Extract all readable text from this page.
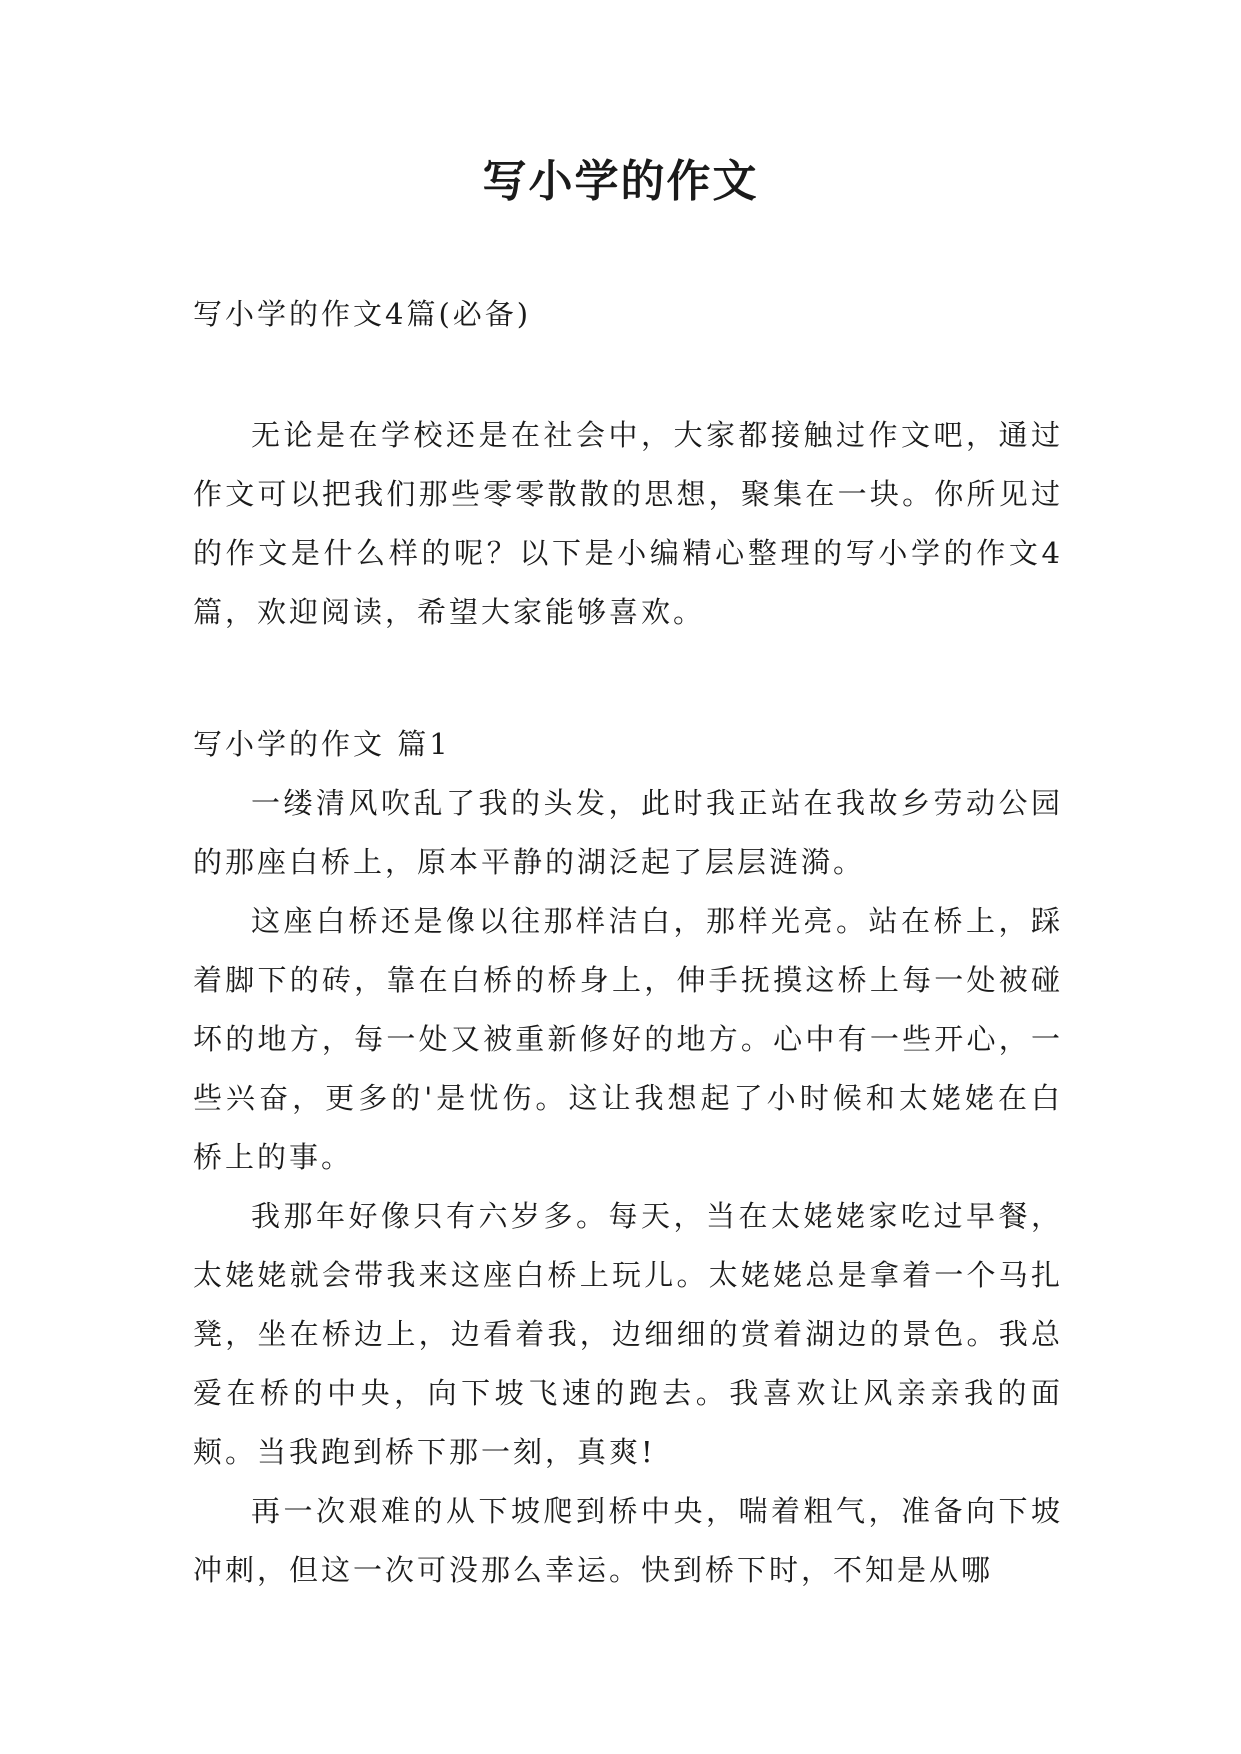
写小学的作文

写小学的作文4篇(必备)

无论是在学校还是在社会中，大家都接触过作文吧，通过作文可以把我们那些零零散散的思想，聚集在一块。你所见过的作文是什么样的呢？以下是小编精心整理的写小学的作文4篇，欢迎阅读，希望大家能够喜欢。

写小学的作文 篇1

一缕清风吹乱了我的头发，此时我正站在我故乡劳动公园的那座白桥上，原本平静的湖泛起了层层涟漪。

这座白桥还是像以往那样洁白，那样光亮。站在桥上，踩着脚下的砖，靠在白桥的桥身上，伸手抚摸这桥上每一处被碰坏的地方，每一处又被重新修好的地方。心中有一些开心，一些兴奋，更多的'是忧伤。这让我想起了小时候和太姥姥在白桥上的事。

我那年好像只有六岁多。每天，当在太姥姥家吃过早餐，太姥姥就会带我来这座白桥上玩儿。太姥姥总是拿着一个马扎凳，坐在桥边上，边看着我，边细细的赏着湖边的景色。我总爱在桥的中央，向下坡飞速的跑去。我喜欢让风亲亲我的面颊。当我跑到桥下那一刻，真爽!

再一次艰难的从下坡爬到桥中央，喘着粗气，准备向下坡冲刺，但这一次可没那么幸运。快到桥下时，不知是从哪
